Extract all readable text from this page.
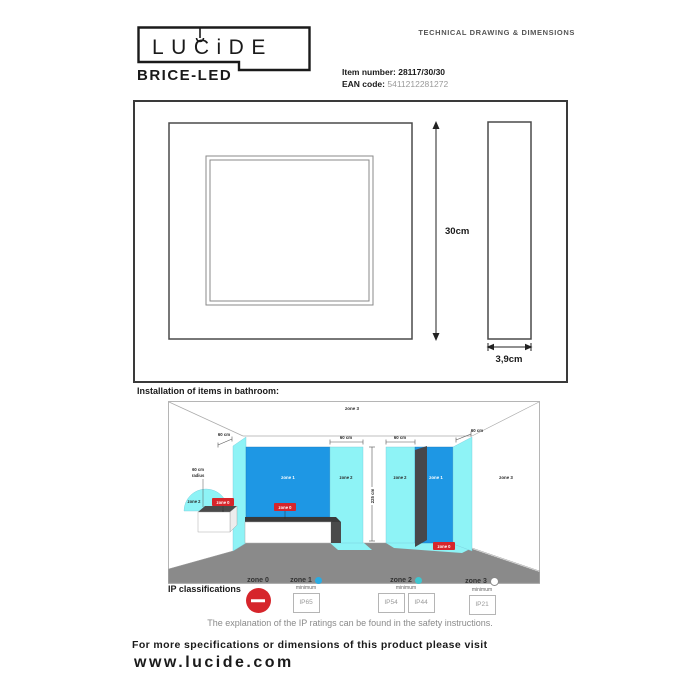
LUCiDE
TECHNICAL DRAWING & DIMENSIONS
BRICE-LED	Item number: 28117/30/30
EAN code: 5411212281272
30cm
3,9cm
Installation of items in bathroom:
zone 3
60 cm
60 cm	60 cm
60 cm
225 cm
60 cm
radius
zone 2
zone 1	zone 2	zone 2	zone 1	zone 3
zone 0
zone 0
zone 0
IP classifications
zone 0	zone 1
minimum
IP65
zone 2
minimum
IP54	IP44
zone 3
minimum
IP21
The explanation of the IP ratings can be found in the safety instructions.
For more specifications or dimensions of this product please visit
www.lucide.com
